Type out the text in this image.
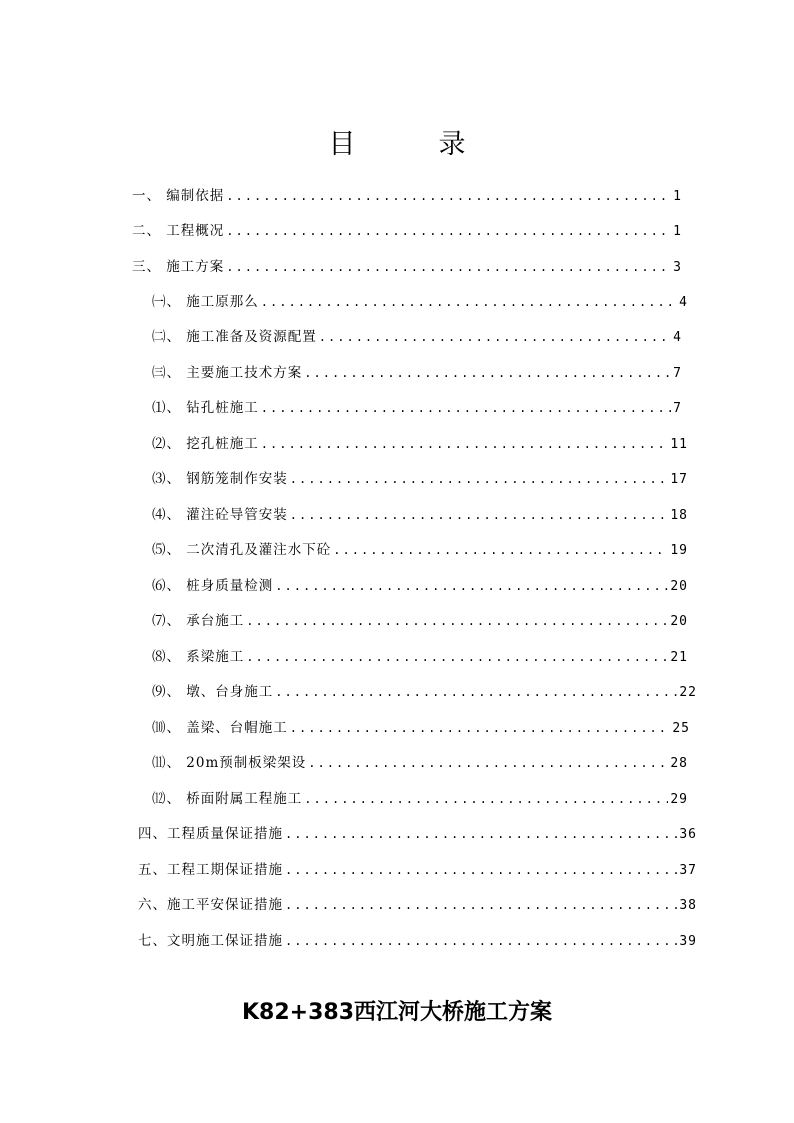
目　录
一、 编制依据 .....	1
二、 工程概况 .....	1
三、 施工方案 .....	3
㈠、 施工原那么 .....	4
㈡、 施工准备及资源配置 .....	4
㈢、 主要施工技术方案 .....	7
⑴、 钻孔桩施工 .....	7
⑵、 挖孔桩施工 .....	11
⑶、 钢筋笼制作安装 .....	17
⑷、 灌注砼导管安装 .....	18
⑸、 二次清孔及灌注水下砼 .....	19
⑹、 桩身质量检测 .....	20
⑺、 承台施工 .....	20
⑻、 系梁施工 .....	21
⑼、 墩、台身施工 .....	22
⑽、 盖梁、台帽施工 .....	25
⑾、 20m预制板梁架设 .....	28
⑿、 桥面附属工程施工 .....	29
四、工程质量保证措施 .....	36
五、工程工期保证措施 .....	37
六、施工平安保证措施 .....	38
七、文明施工保证措施 .....	39
K82+383西江河大桥施工方案
